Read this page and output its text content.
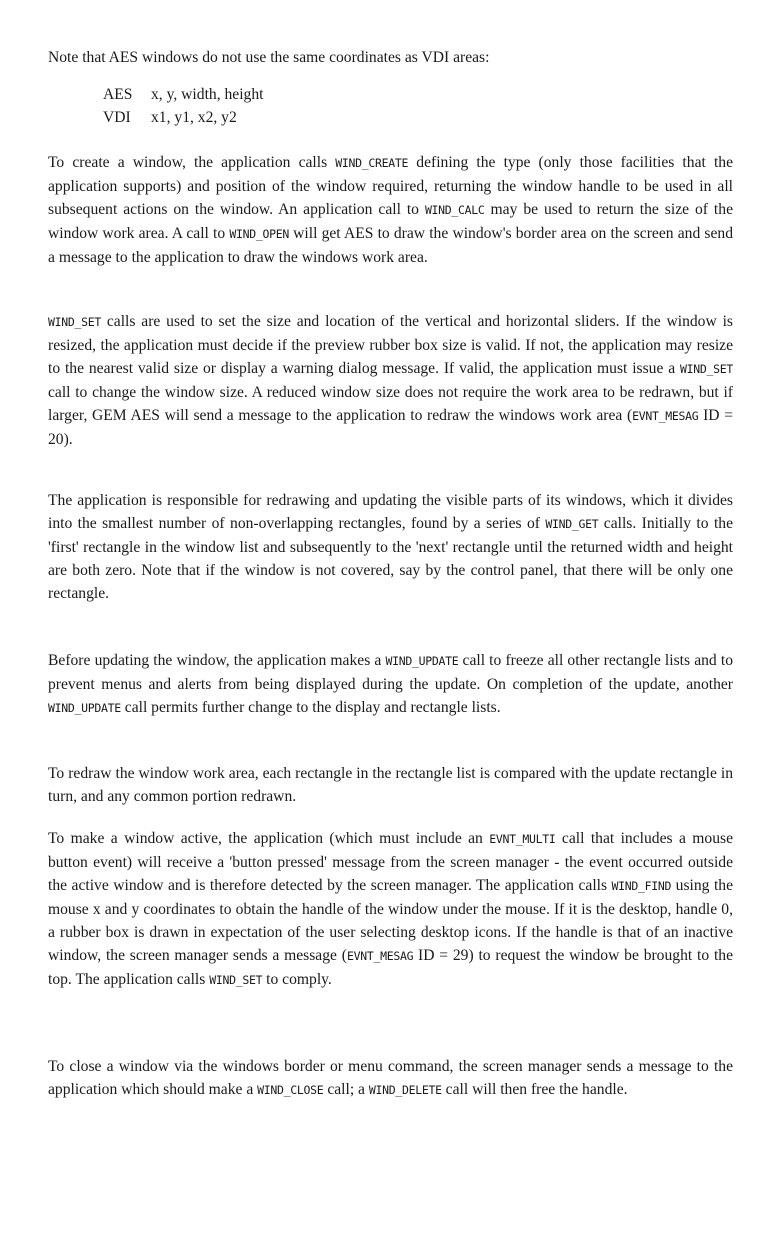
Note that AES windows do not use the same coordinates as VDI areas:

AES x, y, width, height
VDI x1, y1, x2, y2

To create a window, the application calls WIND_CREATE defining the type (only those facilities that the application supports) and position of the window required, returning the window handle to be used in all subsequent actions on the window. An application call to WIND_CALC may be used to return the size of the window work area. A call to WIND_OPEN will get AES to draw the window's border area on the screen and send a message to the application to draw the windows work area.

WIND_SET calls are used to set the size and location of the vertical and horizontal sliders. If the window is resized, the application must decide if the preview rubber box size is valid. If not, the application may resize to the nearest valid size or display a warning dialog message. If valid, the application must issue a WIND_SET call to change the window size. A reduced window size does not require the work area to be redrawn, but if larger, GEM AES will send a message to the application to redraw the windows work area (EVNT_MESAG ID = 20).

The application is responsible for redrawing and updating the visible parts of its windows, which it divides into the smallest number of non-overlapping rectangles, found by a series of WIND_GET calls. Initially to the 'first' rectangle in the window list and subsequently to the 'next' rectangle until the returned width and height are both zero. Note that if the window is not covered, say by the control panel, that there will be only one rectangle.

Before updating the window, the application makes a WIND_UPDATE call to freeze all other rectangle lists and to prevent menus and alerts from being displayed during the update. On completion of the update, another WIND_UPDATE call permits further change to the display and rectangle lists.

To redraw the window work area, each rectangle in the rectangle list is compared with the update rectangle in turn, and any common portion redrawn.

To make a window active, the application (which must include an EVNT_MULTI call that includes a mouse button event) will receive a 'button pressed' message from the screen manager - the event occurred outside the active window and is therefore detected by the screen manager. The application calls WIND_FIND using the mouse x and y coordinates to obtain the handle of the window under the mouse. If it is the desktop, handle 0, a rubber box is drawn in expectation of the user selecting desktop icons. If the handle is that of an inactive window, the screen manager sends a message (EVNT_MESAG ID = 29) to request the window be brought to the top. The application calls WIND_SET to comply.

To close a window via the windows border or menu command, the screen manager sends a message to the application which should make a WIND_CLOSE call; a WIND_DELETE call will then free the handle.
